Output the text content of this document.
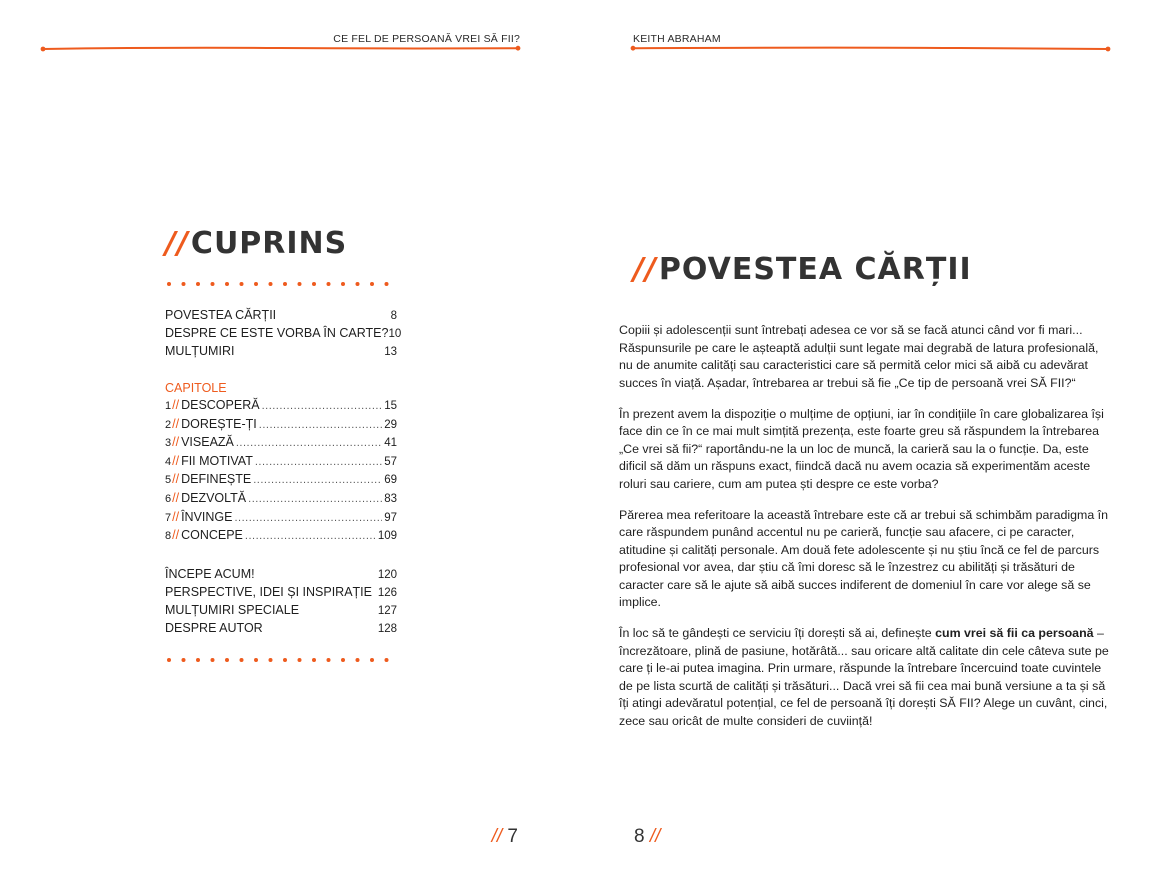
CE FEL DE PERSOANĂ VREI SĂ FII?
//CUPRINS
POVESTEA CĂRȚII	8
DESPRE CE ESTE VORBA ÎN CARTE? 10
MULȚUMIRI	13
CAPITOLE
1 // DESCOPERĂ .....	15
2 // DOREȘTE-ȚI .....	29
3 // VISEAZĂ .....	41
4 // FII MOTIVAT .....	57
5 // DEFINEȘTE .....	69
6 // DEZVOLTĂ .....	83
7 // ÎNVINGE .....	97
8 // CONCEPE .....	109
ÎNCEPE ACUM!	120
PERSPECTIVE, IDEI ȘI INSPIRAȚIE 126
MULȚUMIRI SPECIALE	127
DESPRE AUTOR	128
// 7
KEITH ABRAHAM
//POVESTEA CĂRȚII

Copiii și adolescenții sunt întrebați adesea ce vor să se facă atunci când vor fi mari... Răspunsurile pe care le așteaptă adulții sunt legate mai degrabă de latura profesională, nu de anumite calități sau caracteristici care să permită celor mici să aibă cu adevărat succes în viață. Așadar, întrebarea ar trebui să fie „Ce tip de persoană vrei SĂ FII?“

În prezent avem la dispoziție o mulțime de opțiuni, iar în condițiile în care globalizarea își face din ce în ce mai mult simțită prezența, este foarte greu să răspundem la întrebarea „Ce vrei să fii?“ raportându-ne la un loc de muncă, la carieră sau la o funcție. Da, este dificil să dăm un răspuns exact, fiindcă dacă nu avem ocazia să experimentăm aceste roluri sau cariere, cum am putea ști despre ce este vorba?

Părerea mea referitoare la această întrebare este că ar trebui să schimbăm paradigma în care răspundem punând accentul nu pe carieră, funcție sau afacere, ci pe caracter, atitudine și calități personale. Am două fete adolescente și nu știu încă ce fel de parcurs profesional vor avea, dar știu că îmi doresc să le înzestrez cu abilități și trăsături de caracter care să le ajute să aibă succes indiferent de domeniul în care vor alege să se implice.

În loc să te gândești ce serviciu îți dorești să ai, definește cum vrei să fii ca persoană – încrezătoare, plină de pasiune, hotărâtă... sau oricare altă calitate din cele câteva sute pe care ți le-ai putea imagina. Prin urmare, răspunde la întrebare încercuind toate cuvintele de pe lista scurtă de calități și trăsături... Dacă vrei să fii cea mai bună versiune a ta și să îți atingi adevăratul potențial, ce fel de persoană îți dorești SĂ FII? Alege un cuvânt, cinci, zece sau oricât de multe consideri de cuviință!

8 //
